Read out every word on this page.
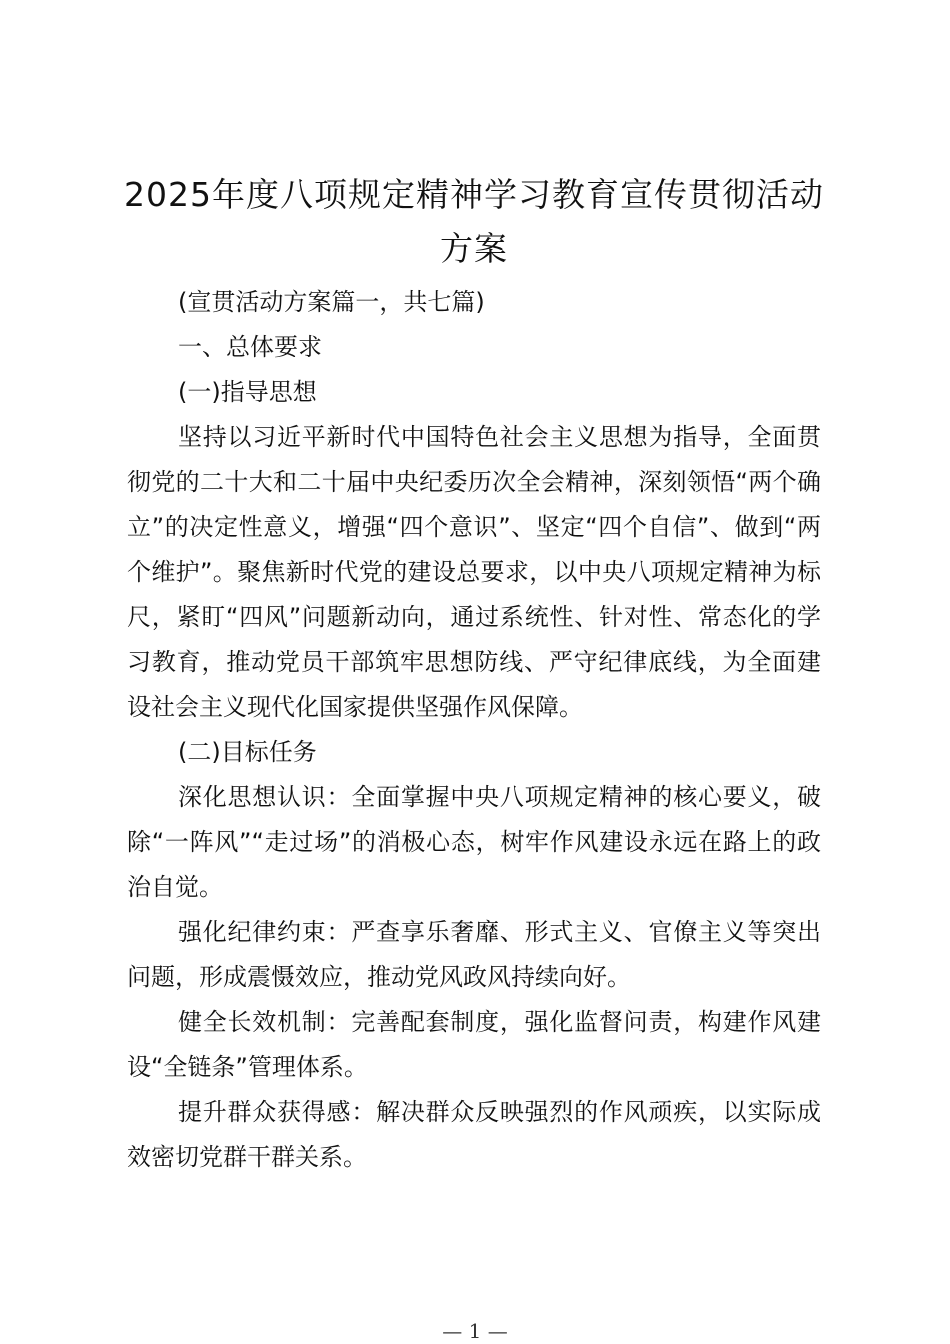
2025年度八项规定精神学习教育宣传贯彻活动方案

(宣贯活动方案篇一，共七篇)

一、总体要求

(一)指导思想

坚持以习近平新时代中国特色社会主义思想为指导，全面贯彻党的二十大和二十届中央纪委历次全会精神，深刻领悟“两个确立”的决定性意义，增强“四个意识”、坚定“四个自信”、做到“两个维护”。聚焦新时代党的建设总要求，以中央八项规定精神为标尺，紧盯“四风”问题新动向，通过系统性、针对性、常态化的学习教育，推动党员干部筑牢思想防线、严守纪律底线，为全面建设社会主义现代化国家提供坚强作风保障。

(二)目标任务

深化思想认识：全面掌握中央八项规定精神的核心要义，破除“一阵风”“走过场”的消极心态，树牢作风建设永远在路上的政治自觉。

强化纪律约束：严查享乐奢靡、形式主义、官僚主义等突出问题，形成震慑效应，推动党风政风持续向好。

健全长效机制：完善配套制度，强化监督问责，构建作风建设“全链条”管理体系。

提升群众获得感：解决群众反映强烈的作风顽疾，以实际成效密切党群干群关系。

— 1 —
